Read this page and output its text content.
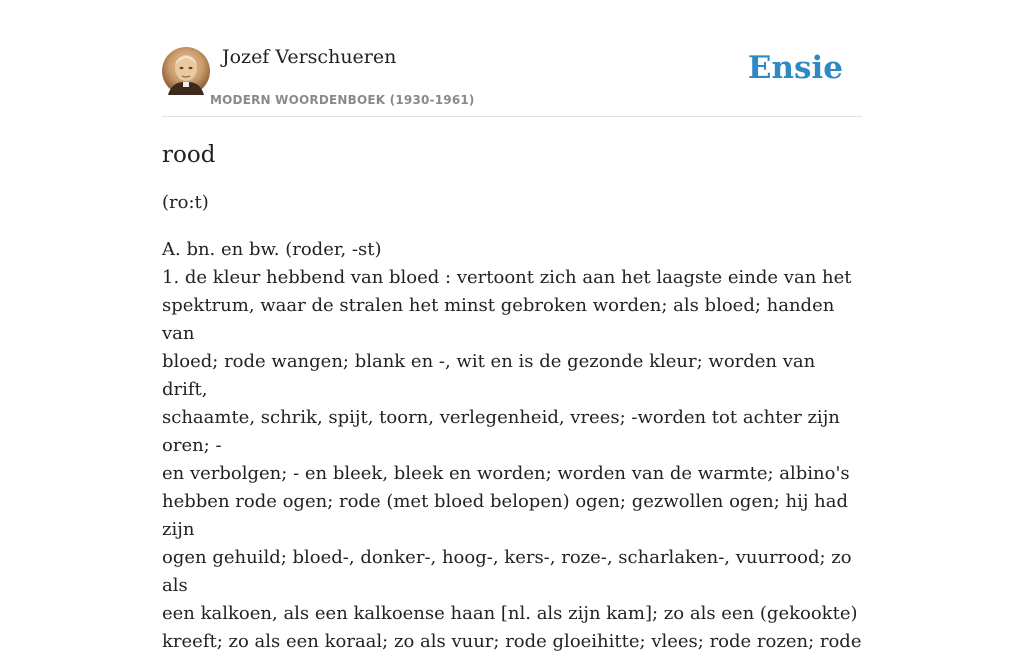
Jozef Verschueren
MODERN WOORDENBOEK (1930-1961)
Ensie
rood

(ro:t)

A. bn. en bw. (roder, -st)
1. de kleur hebbend van bloed : vertoont zich aan het laagste einde van het
spektrum, waar de stralen het minst gebroken worden; als bloed; handen van
bloed; rode wangen; blank en -, wit en is de gezonde kleur; worden van drift,
schaamte, schrik, spijt, toorn, verlegenheid, vrees; -worden tot achter zijn oren; -
en verbolgen; - en bleek, bleek en worden; worden van de warmte; albino's
hebben rode ogen; rode (met bloed belopen) ogen; gezwollen ogen; hij had zijn
ogen gehuild; bloed-, donker-, hoog-, kers-, roze-, scharlaken-, vuurrood; zo als
een kalkoen, als een kalkoense haan [nl. als zijn kam]; zo als een (gekookte)
kreeft; zo als een koraal; zo als vuur; rode gloeihitte; vlees; rode rozen; rode
